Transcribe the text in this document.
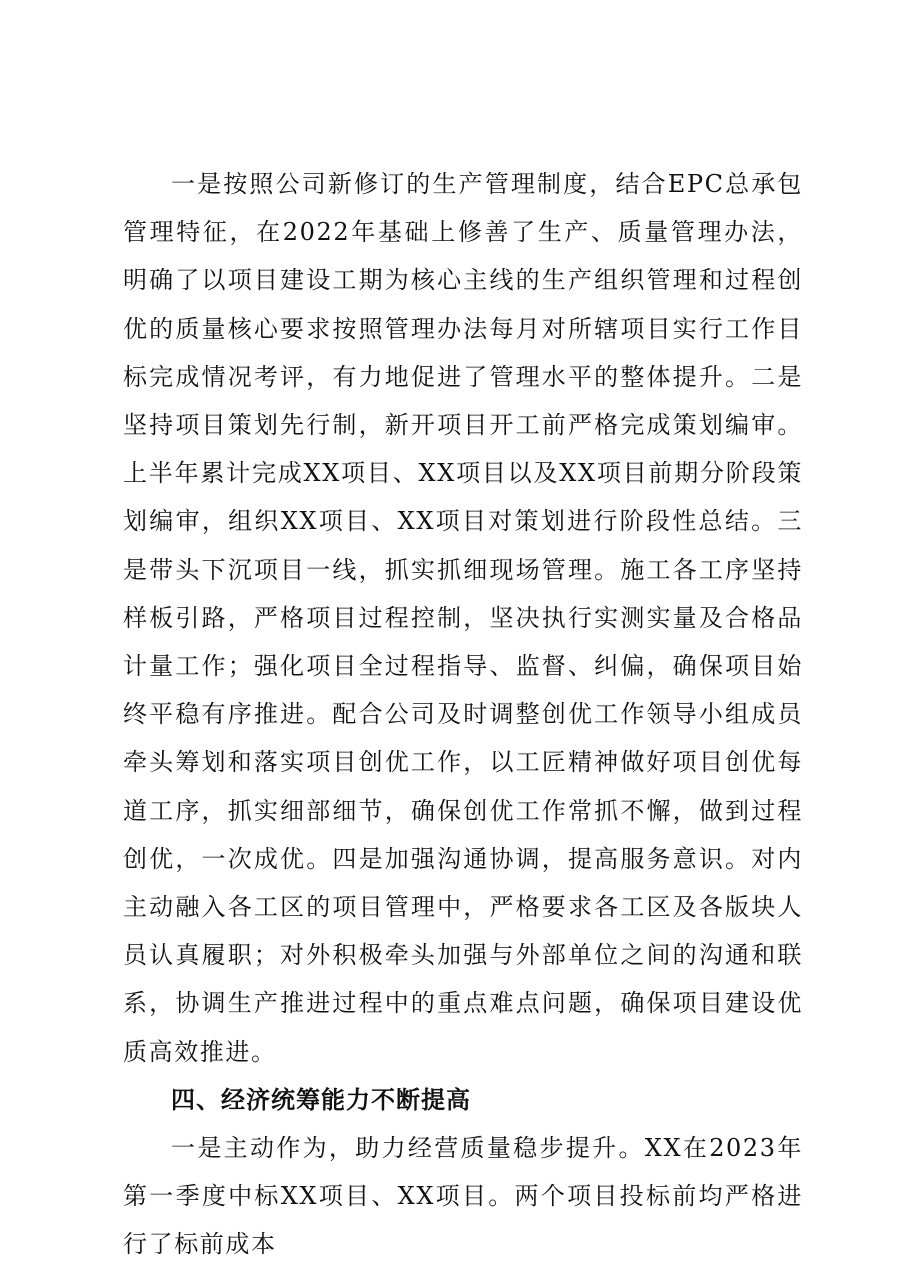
一是按照公司新修订的生产管理制度，结合EPC总承包管理特征，在2022年基础上修善了生产、质量管理办法，明确了以项目建设工期为核心主线的生产组织管理和过程创优的质量核心要求按照管理办法每月对所辖项目实行工作目标完成情况考评，有力地促进了管理水平的整体提升。二是坚持项目策划先行制，新开项目开工前严格完成策划编审。上半年累计完成XX项目、XX项目以及XX项目前期分阶段策划编审，组织XX项目、XX项目对策划进行阶段性总结。三是带头下沉项目一线，抓实抓细现场管理。施工各工序坚持样板引路，严格项目过程控制，坚决执行实测实量及合格品计量工作；强化项目全过程指导、监督、纠偏，确保项目始终平稳有序推进。配合公司及时调整创优工作领导小组成员牵头筹划和落实项目创优工作，以工匠精神做好项目创优每道工序，抓实细部细节，确保创优工作常抓不懈，做到过程创优，一次成优。四是加强沟通协调，提高服务意识。对内主动融入各工区的项目管理中，严格要求各工区及各版块人员认真履职；对外积极牵头加强与外部单位之间的沟通和联系，协调生产推进过程中的重点难点问题，确保项目建设优质高效推进。

四、经济统筹能力不断提高

一是主动作为，助力经营质量稳步提升。XX在2023年第一季度中标XX项目、XX项目。两个项目投标前均严格进行了标前成本
